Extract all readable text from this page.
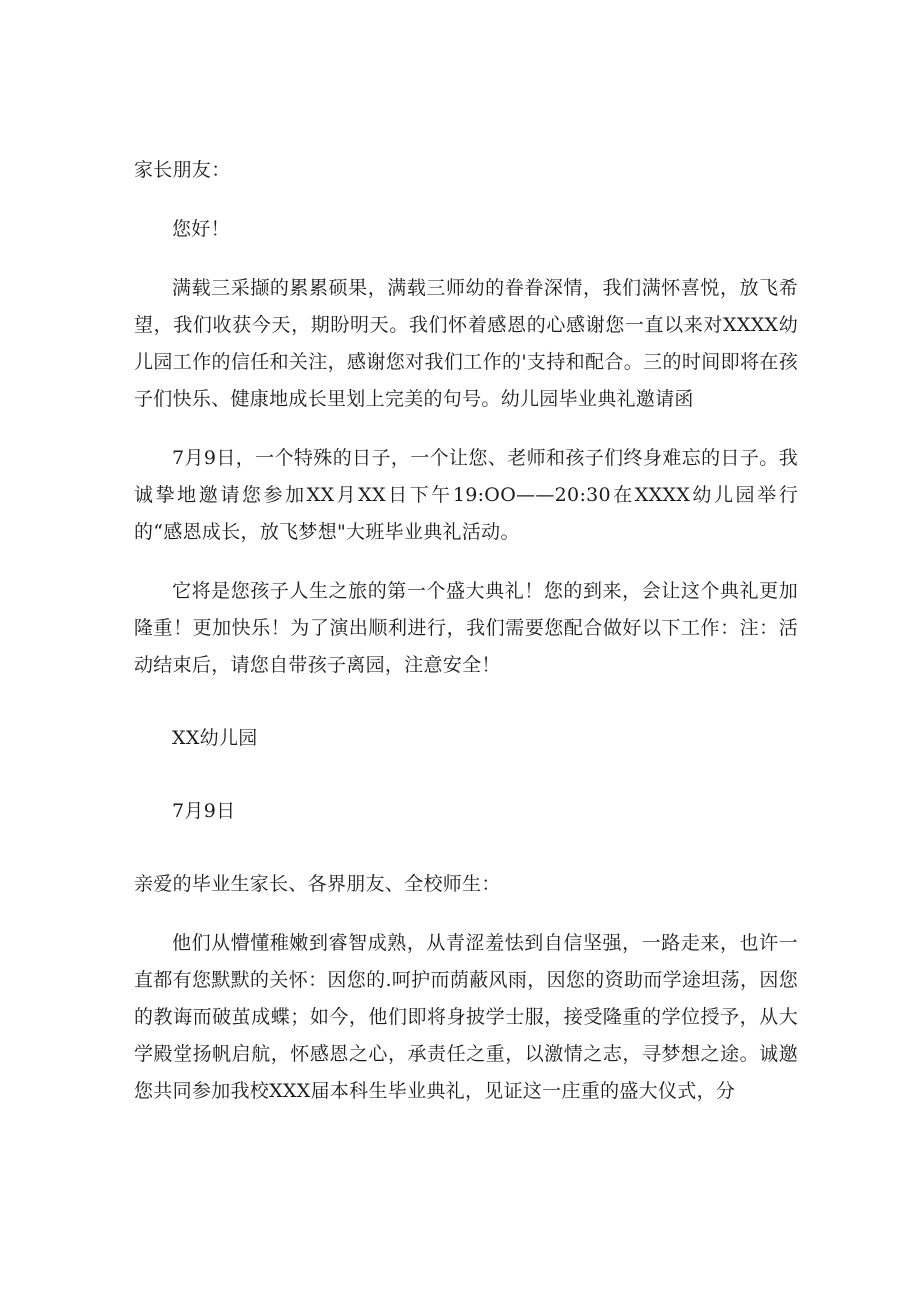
家长朋友：

您好！

满载三采撷的累累硕果，满载三师幼的眷眷深情，我们满怀喜悦，放飞希望，我们收获今天，期盼明天。我们怀着感恩的心感谢您一直以来对XXXX幼儿园工作的信任和关注，感谢您对我们工作的'支持和配合。三的时间即将在孩子们快乐、健康地成长里划上完美的句号。幼儿园毕业典礼邀请函

7月9日，一个特殊的日子，一个让您、老师和孩子们终身难忘的日子。我诚挚地邀请您参加XX月XX日下午19:OO——20:30在XXXX幼儿园举行的“感恩成长，放飞梦想"大班毕业典礼活动。

它将是您孩子人生之旅的第一个盛大典礼！您的到来，会让这个典礼更加隆重！更加快乐！为了演出顺利进行，我们需要您配合做好以下工作：注：活动结束后，请您自带孩子离园，注意安全！

XX幼儿园

7月9日

亲爱的毕业生家长、各界朋友、全校师生：

他们从懵懂稚嫩到睿智成熟，从青涩羞怯到自信坚强，一路走来，也许一直都有您默默的关怀：因您的.呵护而荫蔽风雨，因您的资助而学途坦荡，因您的教诲而破茧成蝶；如今，他们即将身披学士服，接受隆重的学位授予，从大学殿堂扬帆启航，怀感恩之心，承责任之重，以激情之志，寻梦想之途。诚邀您共同参加我校XXX届本科生毕业典礼，见证这一庄重的盛大仪式，分
